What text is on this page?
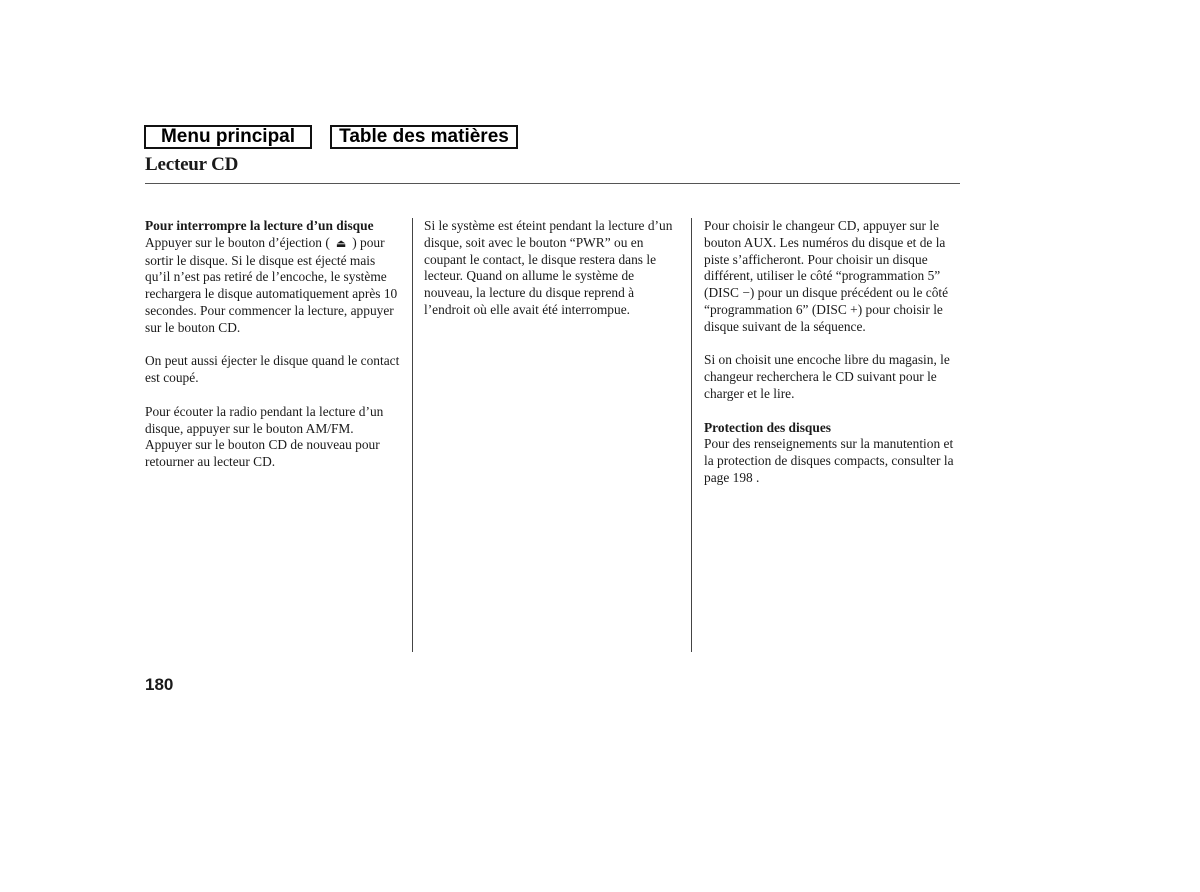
Menu principal	Table des matières
Lecteur CD

Pour interrompre la lecture d’un disque
Appuyer sur le bouton d’éjection ( ⏏ ) pour sortir le disque. Si le disque est éjecté mais qu’il n’est pas retiré de l’encoche, le système rechargera le disque automatiquement après 10 secondes. Pour commencer la lecture, appuyer sur le bouton CD.

On peut aussi éjecter le disque quand le contact est coupé.

Pour écouter la radio pendant la lecture d’un disque, appuyer sur le bouton AM/FM. Appuyer sur le bouton CD de nouveau pour retourner au lecteur CD.

Si le système est éteint pendant la lecture d’un disque, soit avec le bouton “PWR” ou en coupant le contact, le disque restera dans le lecteur. Quand on allume le système de nouveau, la lecture du disque reprend à l’endroit où elle avait été interrompue.

Pour choisir le changeur CD, appuyer sur le bouton AUX. Les numéros du disque et de la piste s’afficheront. Pour choisir un disque différent, utiliser le côté “programmation 5” (DISC −) pour un disque précédent ou le côté “programmation 6” (DISC +) pour choisir le disque suivant de la séquence.

Si on choisit une encoche libre du magasin, le changeur recherchera le CD suivant pour le charger et le lire.

Protection des disques
Pour des renseignements sur la manutention et la protection de disques compacts, consulter la page 198 .

180
